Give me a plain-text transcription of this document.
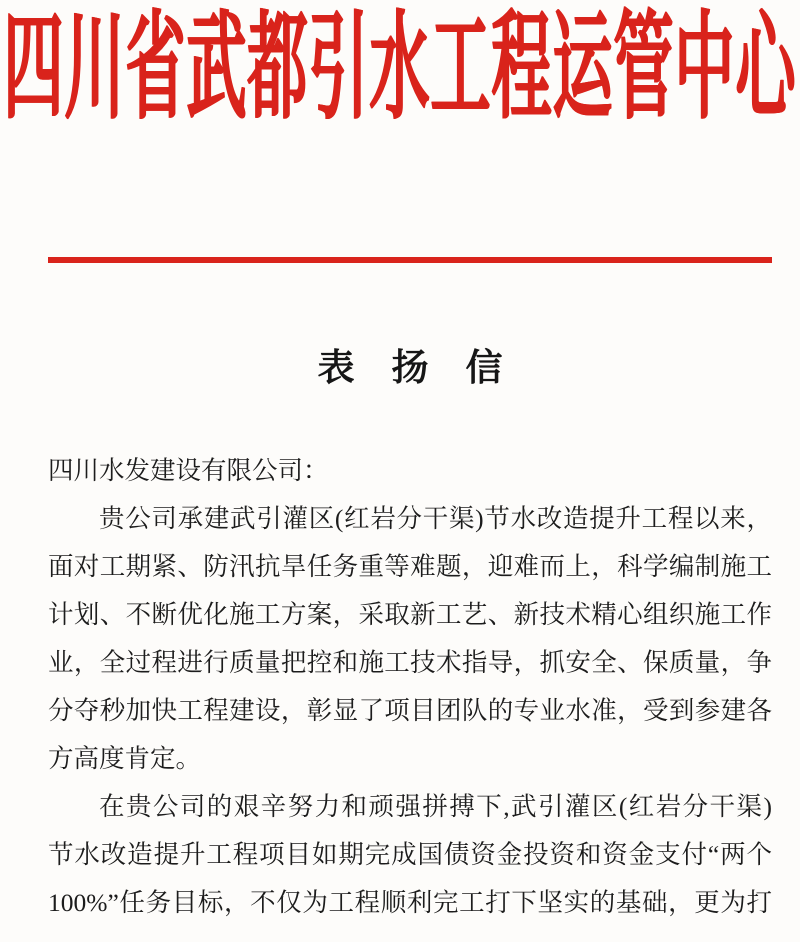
四川省武都引水工程运管中心
表　扬　信

四川水发建设有限公司：

贵公司承建武引灌区(红岩分干渠)节水改造提升工程以来，

面对工期紧、防汛抗旱任务重等难题，迎难而上，科学编制施工

计划、不断优化施工方案，采取新工艺、新技术精心组织施工作

业，全过程进行质量把控和施工技术指导，抓安全、保质量，争

分夺秒加快工程建设，彰显了项目团队的专业水准，受到参建各

方高度肯定。

在贵公司的艰辛努力和顽强拼搏下,武引灌区(红岩分干渠)

节水改造提升工程项目如期完成国债资金投资和资金支付“两个

100%”任务目标，不仅为工程顺利完工打下坚实的基础，更为打
